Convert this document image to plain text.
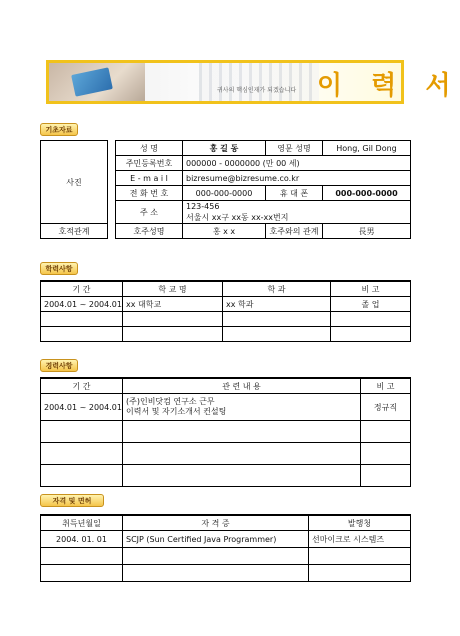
귀사의 핵심인재가 되겠습니다 이 력 서
기초자료
사진		성 명	홍 길 동	영문 성명	Hong, Gil Dong
		주민등록번호	000000 - 0000000 (만 00 세)		
		E - m a i l	bizresume@bizresume.co.kr		
		전 화 번 호	000-000-0000	휴 대 폰	000-000-0000
		주 소	123-456		
			서울시 xx구 xx동 xx-xx번지		
호적관계		호주성명	홍 x x	호주와의 관계	長男
학력사항
기 간	학 교 명	학 과	비 고
2004.01 ~ 2004.01	xx 대학교	xx 학과	졸 업

경력사항
기 간	관 련 내 용	비 고
2004.01 ~ 2004.01	(주)인비닷컴 연구소 근무
이력서 및 자기소개서 컨설팅	정규직

자격 및 면허
취득년월일	자 격 증	발행청
2004. 01. 01	SCJP (Sun Certified Java Programmer)	선마이크로 시스템즈
